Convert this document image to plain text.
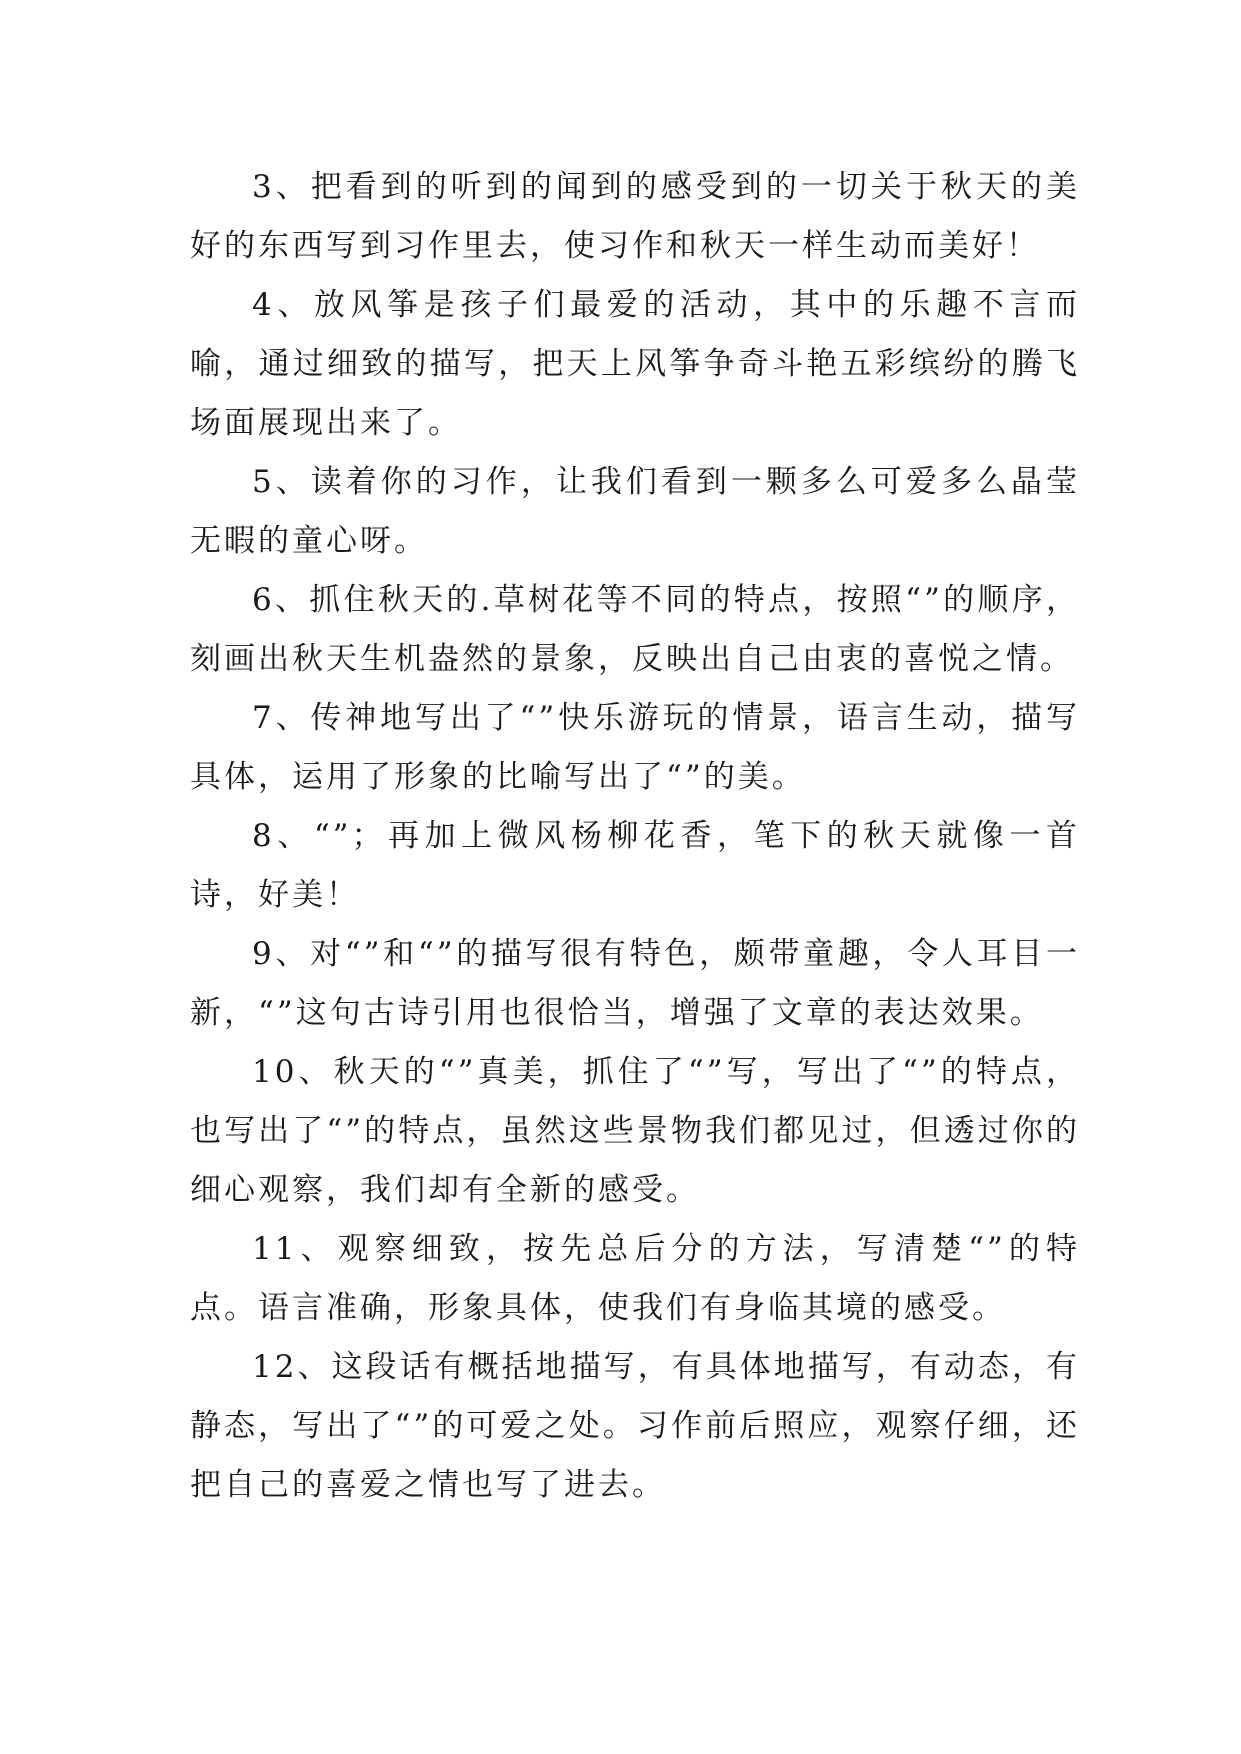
3、把看到的听到的闻到的感受到的一切关于秋天的美好的东西写到习作里去，使习作和秋天一样生动而美好！

4、放风筝是孩子们最爱的活动，其中的乐趣不言而喻，通过细致的描写，把天上风筝争奇斗艳五彩缤纷的腾飞场面展现出来了。

5、读着你的习作，让我们看到一颗多么可爱多么晶莹无暇的童心呀。

6、抓住秋天的.草树花等不同的特点，按照“”的顺序，刻画出秋天生机盎然的景象，反映出自己由衷的喜悦之情。

7、传神地写出了“”快乐游玩的情景，语言生动，描写具体，运用了形象的比喻写出了“”的美。

8、“”；再加上微风杨柳花香，笔下的秋天就像一首诗，好美！

9、对“”和“”的描写很有特色，颇带童趣，令人耳目一新，“”这句古诗引用也很恰当，增强了文章的表达效果。

10、秋天的“”真美，抓住了“”写，写出了“”的特点，也写出了“”的特点，虽然这些景物我们都见过，但透过你的细心观察，我们却有全新的感受。

11、观察细致，按先总后分的方法，写清楚“”的特点。语言准确，形象具体，使我们有身临其境的感受。

12、这段话有概括地描写，有具体地描写，有动态，有静态，写出了“”的可爱之处。习作前后照应，观察仔细，还把自己的喜爱之情也写了进去。
